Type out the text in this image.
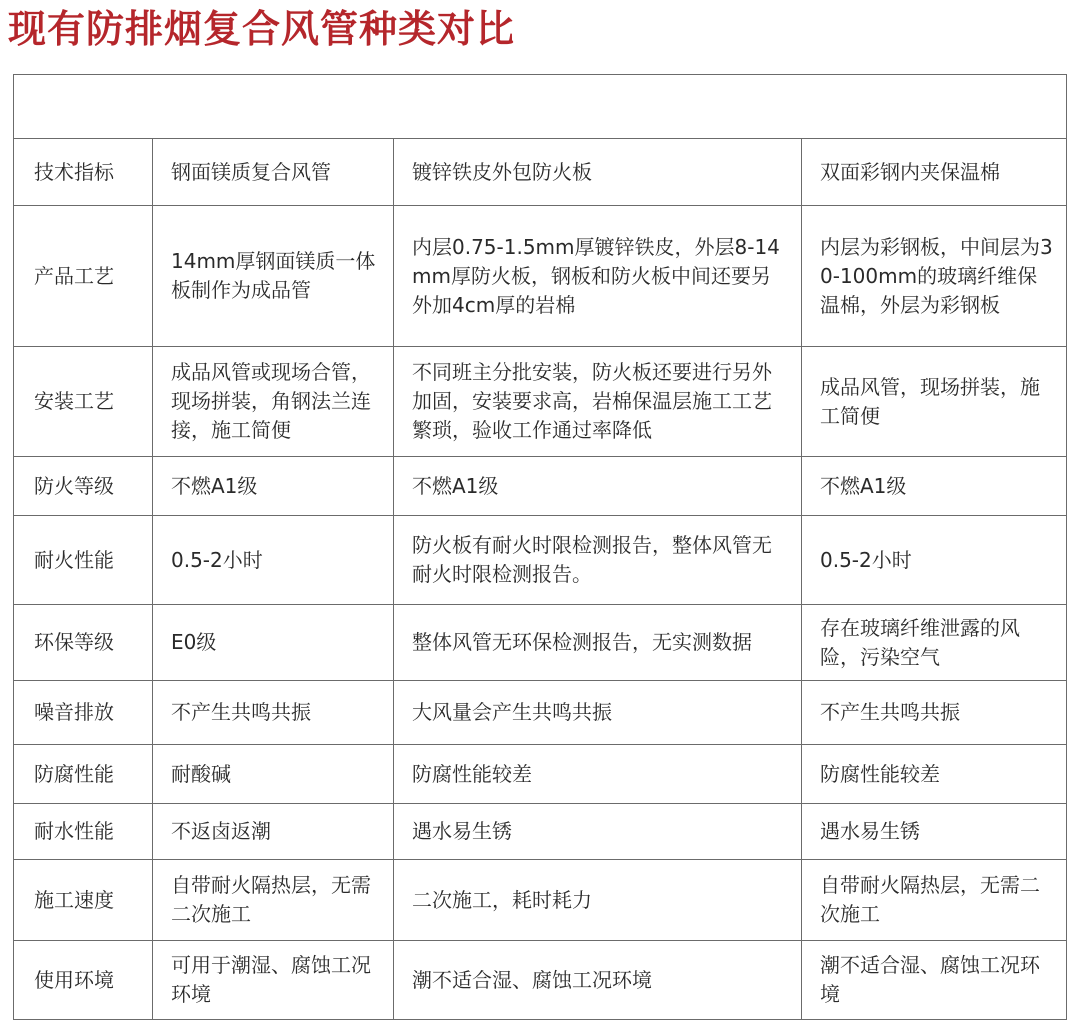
现有防排烟复合风管种类对比

技术指标	钢面镁质复合风管	镀锌铁皮外包防火板	双面彩钢内夹保温棉
产品工艺	14mm厚钢面镁质一体板制作为成品管	内层0.75-1.5mm厚镀锌铁皮，外层8-14mm厚防火板，钢板和防火板中间还要另外加4cm厚的岩棉	内层为彩钢板，中间层为30-100mm的玻璃纤维保温棉，外层为彩钢板
安装工艺	成品风管或现场合管，现场拼装，角钢法兰连接，施工简便	不同班主分批安装，防火板还要进行另外加固，安装要求高，岩棉保温层施工工艺繁琐，验收工作通过率降低	成品风管，现场拼装，施工简便
防火等级	不燃A1级	不燃A1级	不燃A1级
耐火性能	0.5-2小时	防火板有耐火时限检测报告，整体风管无耐火时限检测报告。	0.5-2小时
环保等级	E0级	整体风管无环保检测报告，无实测数据	存在玻璃纤维泄露的风险，污染空气
噪音排放	不产生共鸣共振	大风量会产生共鸣共振	不产生共鸣共振
防腐性能	耐酸碱	防腐性能较差	防腐性能较差
耐水性能	不返卤返潮	遇水易生锈	遇水易生锈
施工速度	自带耐火隔热层，无需二次施工	二次施工，耗时耗力	自带耐火隔热层，无需二次施工
使用环境	可用于潮湿、腐蚀工况环境	潮不适合湿、腐蚀工况环境	潮不适合湿、腐蚀工况环境
